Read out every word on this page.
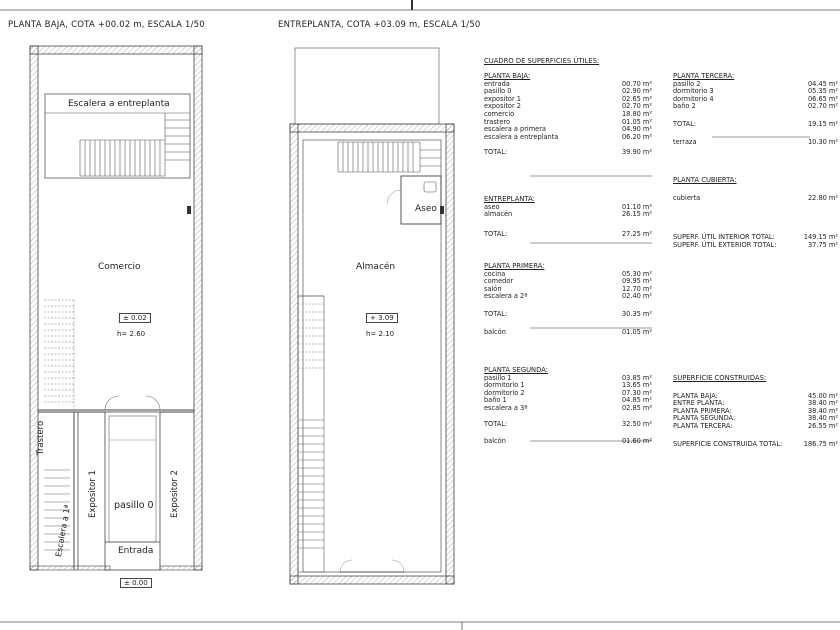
PLANTA BAJA, COTA +00.02 m, ESCALA 1/50	ENTREPLANTA, COTA +03.09 m, ESCALA 1/50
Escalera a entreplanta
Comercio
± 0.02
h= 2.60
Trastero
Expositor 1	Expositor 2
pasillo 0
Escalera a 1ª	Entrada
± 0.00
Aseo
Almacén
+ 3.09
h= 2.10
CUADRO DE SUPERFICIES ÚTILES:
PLANTA BAJA:
entrada	00.70 m²
pasillo 0	02.90 m²
expositor 1	02.65 m²
expositor 2	02.70 m²
comercio	18.80 m²
trastero	01.05 m²
escalera a primera	04.90 m²
escalera a entreplanta	06.20 m²
TOTAL:	39.90 m²
ENTREPLANTA:
aseo	01.10 m²
almacén	26.15 m²
TOTAL:	27.25 m²
PLANTA PRIMERA:
cocina	05.30 m²
comedor	09.95 m²
salón	12.70 m²
escalera a 2ª	02.40 m²
TOTAL:	30.35 m²
balcón	01.05 m²
PLANTA SEGUNDA:
pasillo 1	03.85 m²
dormitorio 1	13.65 m²
dormitorio 2	07.30 m²
baño 1	04.85 m²
escalera a 3ª	02.85 m²
TOTAL:	32.50 m²
balcón	01.60 m²
PLANTA TERCERA:
pasillo 2	04.45 m²
dormitorio 3	05.35 m²
dormitorio 4	06.65 m²
baño 2	02.70 m²
TOTAL:	19.15 m²
terraza	10.30 m²
PLANTA CUBIERTA:
cubierta	22.80 m²
SUPERF. ÚTIL INTERIOR TOTAL:	149.15 m²
SUPERF. ÚTIL EXTERIOR TOTAL:	37.75 m²
SUPERFICIE CONSTRUIDAS:
PLANTA BAJA:	45.00 m²
ENTRE PLANTA:	38.40 m²
PLANTA PRIMERA:	38.40 m²
PLANTA SEGUNDA:	38.40 m²
PLANTA TERCERA:	26.55 m²
SUPERFICIE CONSTRUIDA TOTAL:	186.75 m²
